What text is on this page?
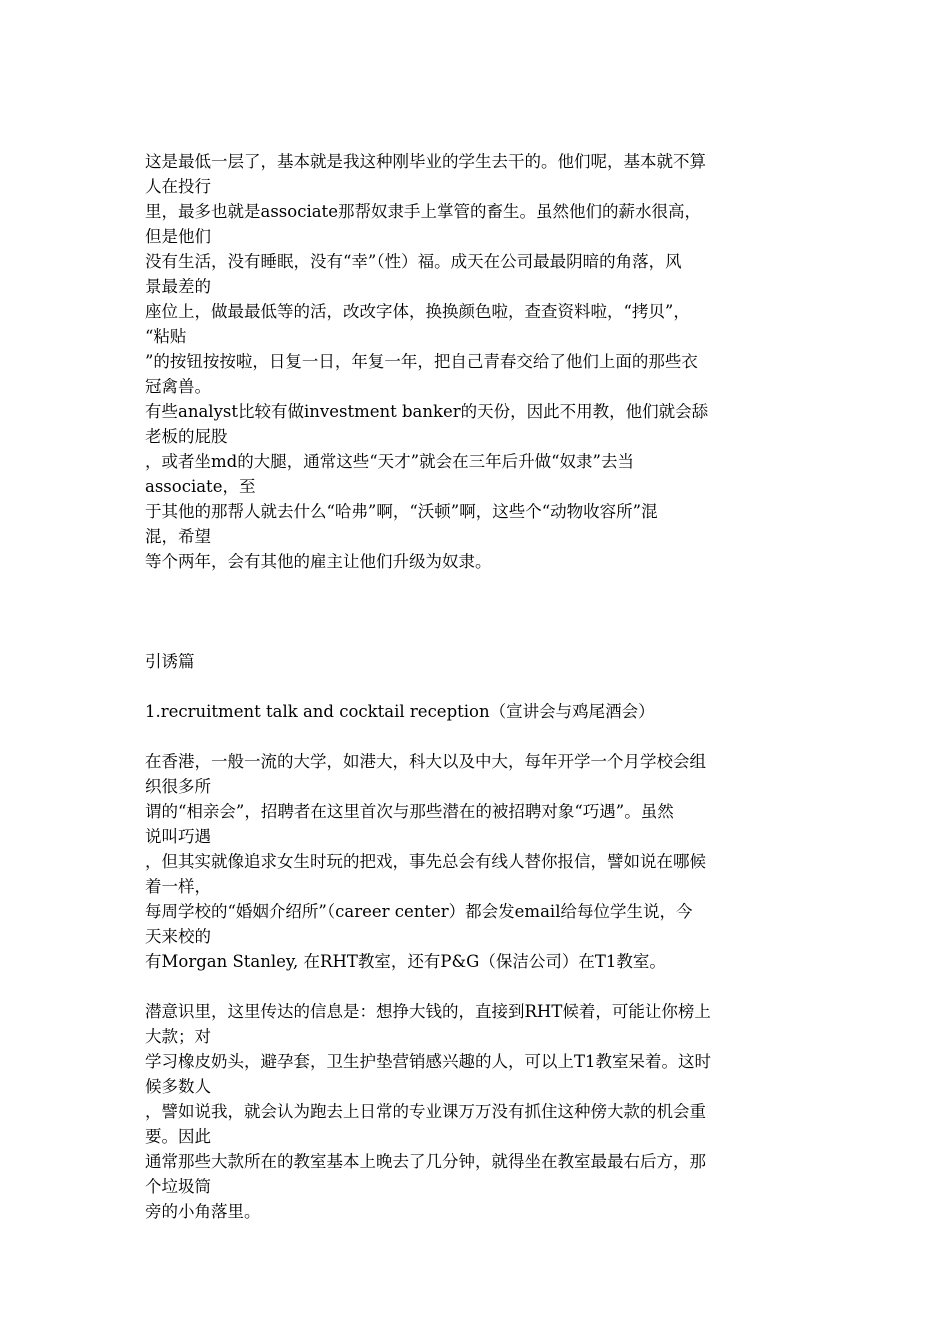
这是最低一层了，基本就是我这种刚毕业的学生去干的。他们呢，基本就不算
人在投行
里，最多也就是associate那帮奴隶手上掌管的畜生。虽然他们的薪水很高，
但是他们
没有生活，没有睡眠，没有“幸”（性）福。成天在公司最最阴暗的角落，风
景最差的
座位上，做最最低等的活，改改字体，换换颜色啦，查查资料啦，“拷贝”，
“粘贴
”的按钮按按啦，日复一日，年复一年，把自己青春交给了他们上面的那些衣
冠禽兽。
有些analyst比较有做investment banker的天份，因此不用教，他们就会舔
老板的屁股
，或者坐md的大腿，通常这些“天才”就会在三年后升做“奴隶”去当
associate，至
于其他的那帮人就去什么“哈弗”啊，“沃顿”啊，这些个“动物收容所”混
混，希望
等个两年，会有其他的雇主让他们升级为奴隶。
引诱篇
1.recruitment talk and cocktail reception（宣讲会与鸡尾酒会）
在香港，一般一流的大学，如港大，科大以及中大，每年开学一个月学校会组
织很多所
谓的“相亲会”，招聘者在这里首次与那些潜在的被招聘对象“巧遇”。虽然
说叫巧遇
，但其实就像追求女生时玩的把戏，事先总会有线人替你报信，譬如说在哪候
着一样，
每周学校的“婚姻介绍所”（career center）都会发email给每位学生说，今
天来校的
有Morgan Stanley, 在RHT教室，还有P&G（保洁公司）在T1教室。
潜意识里，这里传达的信息是：想挣大钱的，直接到RHT候着，可能让你榜上
大款；对
学习橡皮奶头，避孕套，卫生护垫营销感兴趣的人，可以上T1教室呆着。这时
候多数人
，譬如说我，就会认为跑去上日常的专业课万万没有抓住这种傍大款的机会重
要。因此
通常那些大款所在的教室基本上晚去了几分钟，就得坐在教室最最右后方，那
个垃圾筒
旁的小角落里。
